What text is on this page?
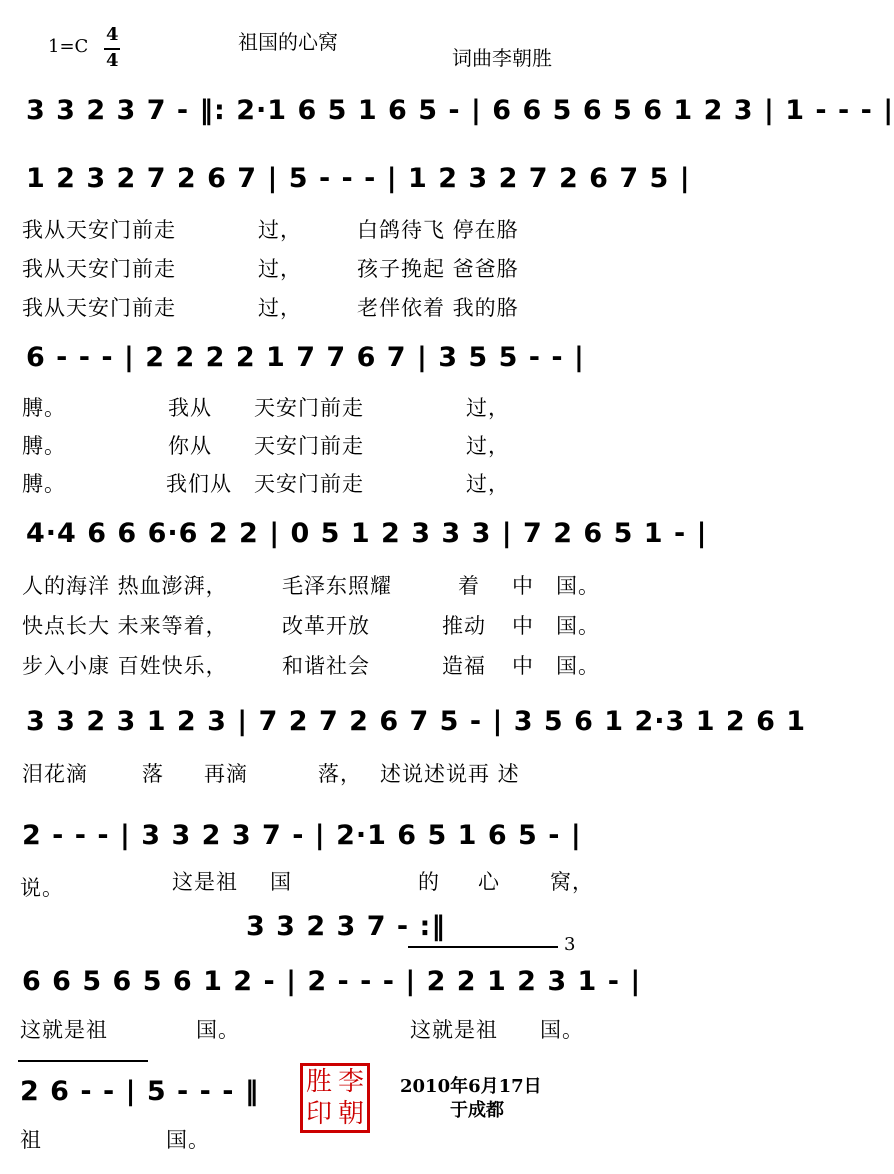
1=C
4
4
祖国的心窝
词曲李朝胜
3 3 2 3 7 - ‖: 2·1 6 5 1 6 5 - | 6 6 5 6 5 6 1 2 3 | 1 - - - |
1 2 3 2 7 2 6 7 | 5 - - - | 1 2 3 2 7 2 6 7 5 |
我从天安门前走	过，	白鸽待飞 停在胳
我从天安门前走	过，	孩子挽起 爸爸胳
我从天安门前走	过，	老伴依着 我的胳
6 - - - | 2 2 2 2 1 7 7 6 7 | 3 5 5 - - |
膊。	我从 天安门前走	过，
膊。	你从 天安门前走	过，
膊。	我们从 天安门前走	过，
4·4 6 6 6·6 2 2 | 0 5 1 2 3 3 3 | 7 2 6 5 1 - |
人的海洋 热血澎湃，	毛泽东照耀	着 中 国。
快点长大 未来等着，	改革开放	推动 中 国。
步入小康 百姓快乐，	和谐社会	造福 中 国。
3 3 2 3 1 2 3 | 7 2 7 2 6 7 5 - | 3 5 6 1 2·3 1 2 6 1
泪花滴	落 再滴	落， 述说述说再 述
2 - - - | 3 3 2 3 7 - | 2·1 6 5 1 6 5 - |
说。	这是祖 国	的 心 窝，
3 3 2 3 7 - :‖
3
6 6 5 6 5 6 1 2 - | 2 - - - | 2 2 1 2 3 1 - |
这就是祖	国。	这就是祖 国。
2 6 - - | 5 - - - ‖
祖	国。
胜 李
印 朝
2010年6月17日
于成都
